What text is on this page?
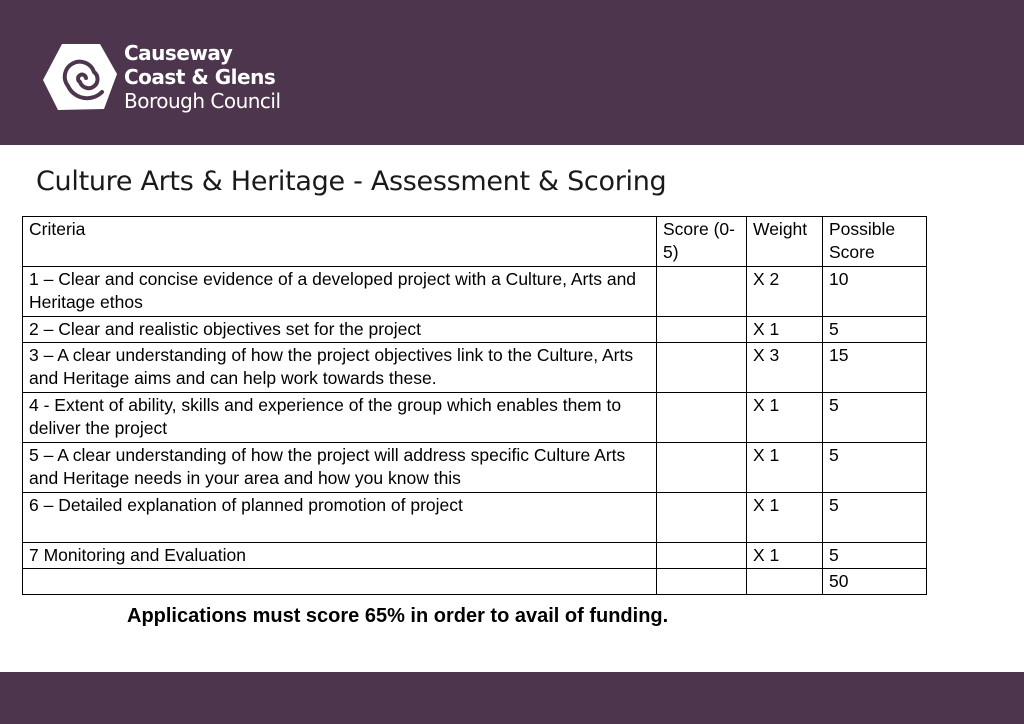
Causeway
Coast & Glens
Borough Council
Culture Arts & Heritage - Assessment & Scoring
Criteria	Score (0-5)	Weight	Possible Score
1 – Clear and concise evidence of a developed project with a Culture, Arts and Heritage ethos		X 2	10
2 – Clear and realistic objectives set for the project		X 1	5
3 – A clear understanding of how the project objectives link to the Culture, Arts and Heritage aims and can help work towards these.		X 3	15
4 - Extent of ability, skills and experience of the group which enables them to deliver the project		X 1	5
5 – A clear understanding of how the project will address specific Culture Arts and Heritage needs in your area and how you know this		X 1	5
6 – Detailed explanation of planned promotion of project		X 1	5
7 Monitoring and Evaluation		X 1	5
			50

Applications must score 65% in order to avail of funding.
